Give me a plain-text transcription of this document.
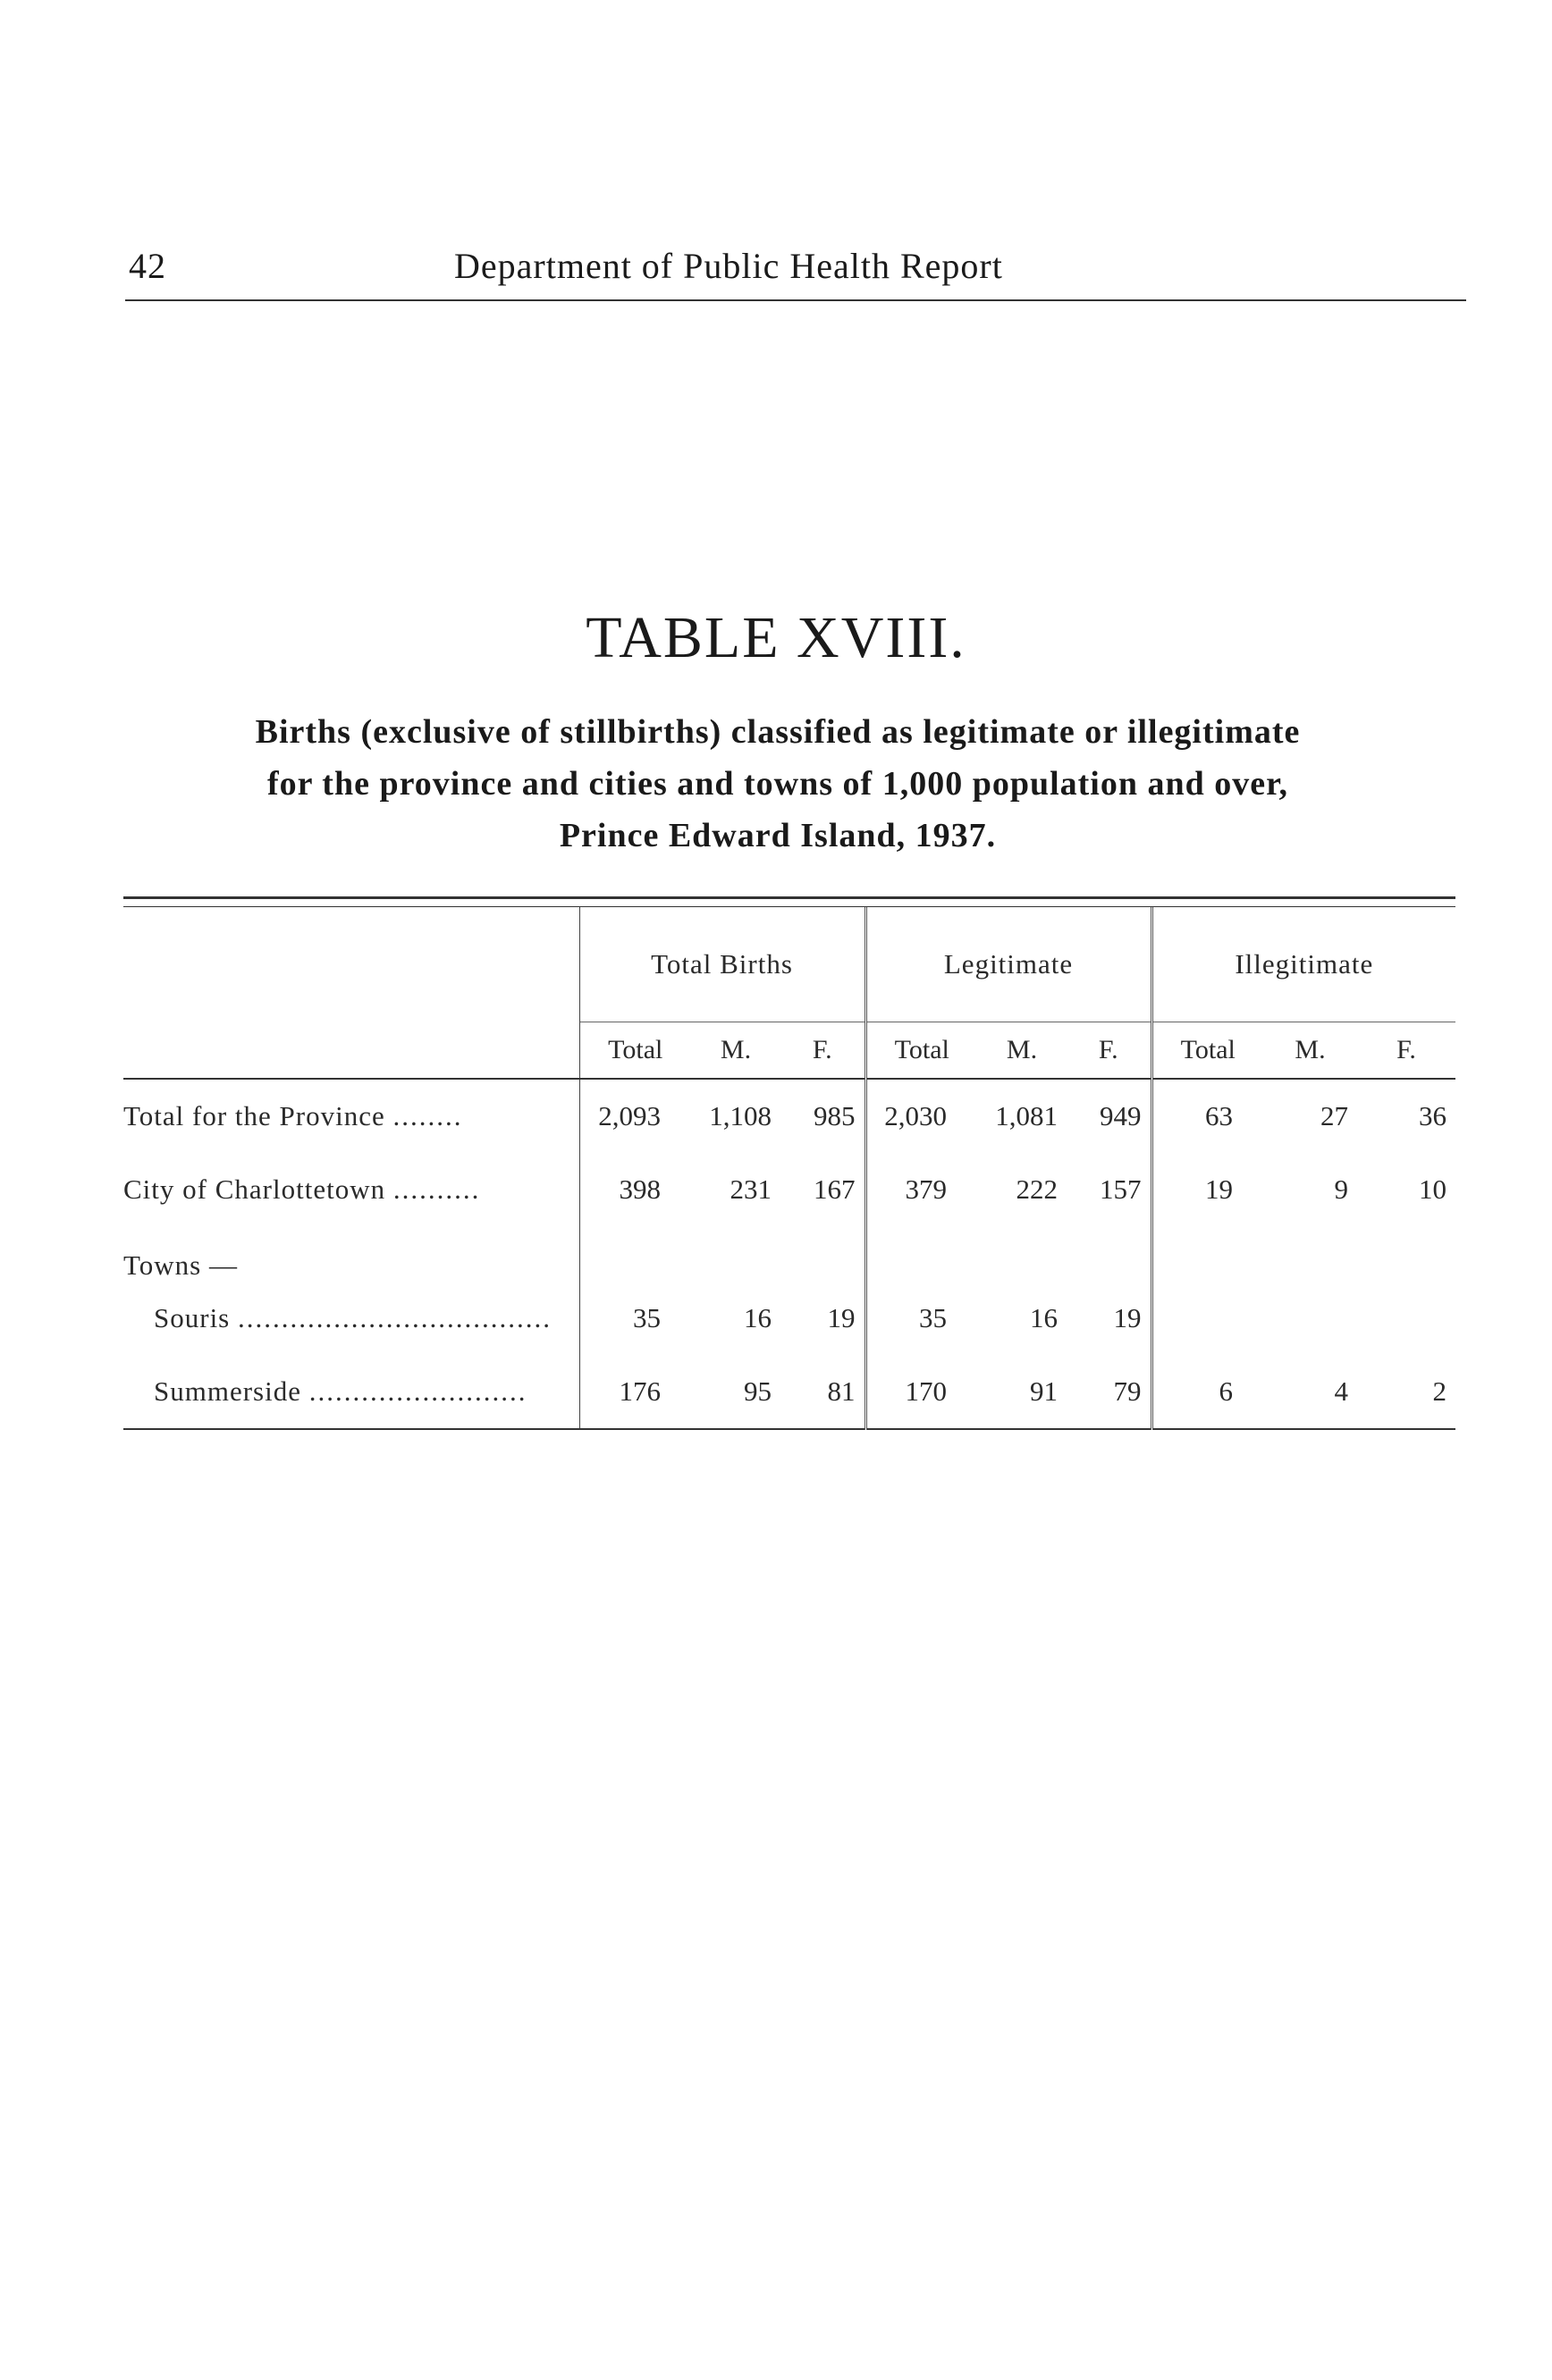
42	Department of Public Health Report
TABLE XVIII.
Births (exclusive of stillbirths) classified as legitimate or illegitimate
for the province and cities and towns of 1,000 population and over,
Prince Edward Island, 1937.
	Total Births			Legitimate			Illegitimate		
	Total	M.	F.	Total	M.	F.	Total	M.	F.
Total for the Province ........	2,093	1,108	985	2,030	1,081	949	63	27	36
City of Charlottetown ..........	398	231	167	379	222	157	19	9	10
Towns —									
Souris ....................................	35	16	19	35	16	19			
Summerside .........................	176	95	81	170	91	79	6	4	2
